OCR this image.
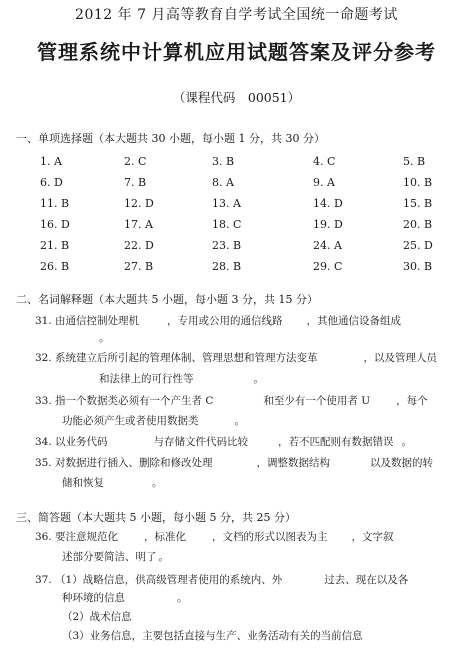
2012 年 7 月高等教育自学考试全国统一命题考试
管理系统中计算机应用试题答案及评分参考
（课程代码　00051）
一、单项选择题（本大题共 30 小题，每小题 1 分，共 30 分）
1. A	2. C	3. B	4. C	5. B
6. D	7. B	8. A	9. A	10. B
11. B	12. D	13. A	14. D	15. B
16. D	17. A	18. C	19. D	20. B
21. B	22. D	23. B	24. A	25. D
26. B	27. B	28. B	29. C	30. B
二、名词解释题（本大题共 5 小题，每小题 3 分，共 15 分）
31. 由通信控制处理机	，专用或公用的通信线路 ，其他通信设备组成
。
32. 系统建立后所引起的管理体制、管理思想和管理方法变革	，以及管理人员
和法律上的可行性等	。
33. 指一个数据类必须有一个产生者 C	和至少有一个使用者 U ，每个
功能必须产生或者使用数据类	。
34. 以业务代码	与存储文件代码比较	，若不匹配则有数据错误 。
35. 对数据进行插入、删除和修改处理	，调整数据结构	以及数据的转
储和恢复	。
三、简答题（本大题共 5 小题，每小题 5 分，共 25 分）
36. 要注意规范化 ，标准化 ，文档的形式以图表为主 ，文字叙
述部分要简洁、明了 。
37. （1）战略信息，供高级管理者使用的系统内、外	过去、现在以及各
种环境的信息	。
（2）战术信息
（3）业务信息，主要包括直接与生产、业务活动有关的当前信息
